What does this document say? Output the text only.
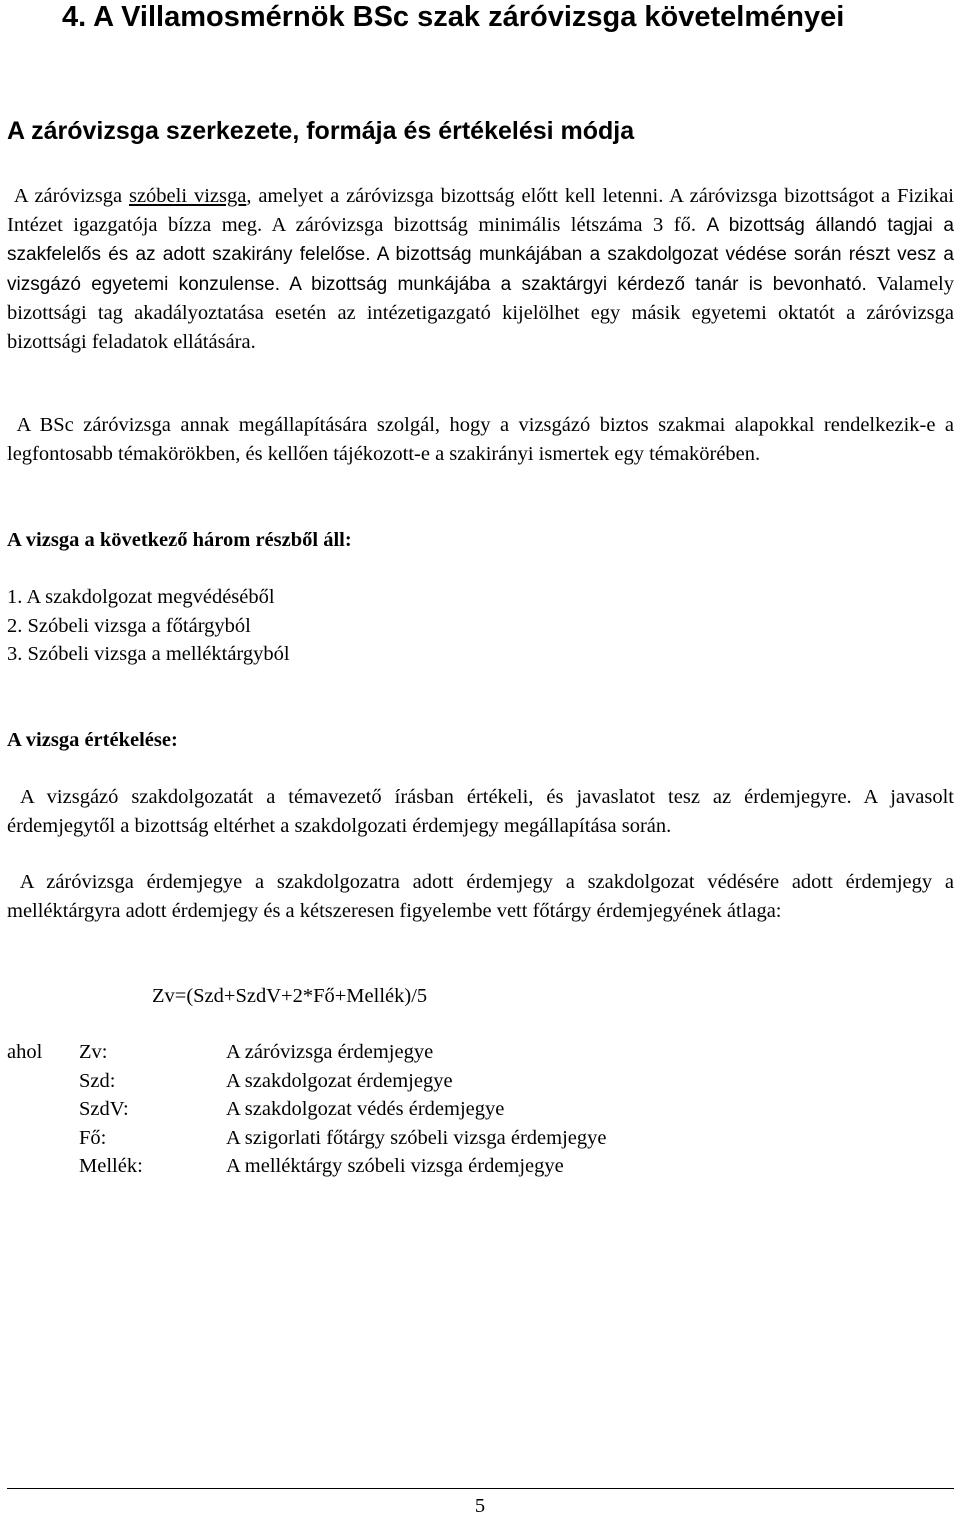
4. A Villamosmérnök BSc szak záróvizsga követelményei
A záróvizsga szerkezete, formája és értékelési módja
A záróvizsga szóbeli vizsga, amelyet a záróvizsga bizottság előtt kell letenni. A záróvizsga bizottságot a Fizikai Intézet igazgatója bízza meg. A záróvizsga bizottság minimális létszáma 3 fő. A bizottság állandó tagjai a szakfelelős és az adott szakirány felelőse. A bizottság munkájában a szakdolgozat védése során részt vesz a vizsgázó egyetemi konzulense. A bizottság munkájába a szaktárgyi kérdező tanár is bevonható. Valamely bizottsági tag akadályoztatása esetén az intézetigazgató kijelölhet egy másik egyetemi oktatót a záróvizsga bizottsági feladatok ellátására.
A BSc záróvizsga annak megállapítására szolgál, hogy a vizsgázó biztos szakmai alapokkal rendelkezik-e a legfontosabb témakörökben, és kellően tájékozott-e a szakirányi ismertek egy témakörében.
A vizsga a következő három részből áll:
1. A szakdolgozat megvédéséből
2. Szóbeli vizsga a főtárgyból
3. Szóbeli vizsga a melléktárgyból
A vizsga értékelése:
A vizsgázó szakdolgozatát a témavezető írásban értékeli, és javaslatot tesz az érdemjegyre. A javasolt érdemjegytől a bizottság eltérhet a szakdolgozati érdemjegy megállapítása során.
A záróvizsga érdemjegye a szakdolgozatra adott érdemjegy a szakdolgozat védésére adott érdemjegy a melléktárgyra adott érdemjegy és a kétszeresen figyelembe vett főtárgy érdemjegyének átlaga:
Zv=(Szd+SzdV+2*Fő+Mellék)/5
ahol Zv:	A záróvizsga érdemjegye
Szd:	A szakdolgozat érdemjegye
SzdV:	A szakdolgozat védés érdemjegye
Fő:	A szigorlati főtárgy szóbeli vizsga érdemjegye
Mellék:	A melléktárgy szóbeli vizsga érdemjegye
5
